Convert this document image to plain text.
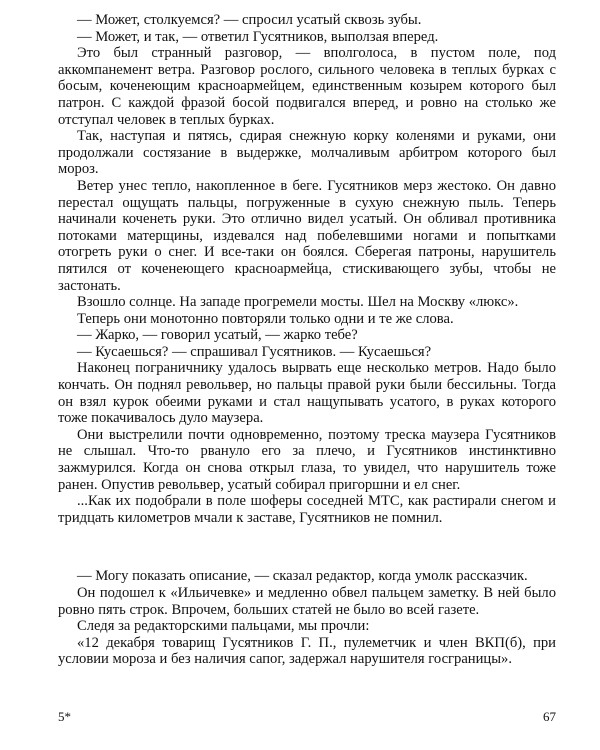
— Может, столкуемся? — спросил усатый сквозь зубы.

— Может, и так, — ответил Гусятников, выползая вперед.

Это был странный разговор, — вполголоса, в пустом поле, под аккомпанемент ветра. Разговор рослого, сильного человека в теплых бурках с босым, коченеющим красноармейцем, единственным козырем которого был патрон. С каждой фразой босой подвигался вперед, и ровно на столько же отступал человек в теплых бурках.

Так, наступая и пятясь, сдирая снежную корку коленями и руками, они продолжали состязание в выдержке, молчаливым арбитром которого был мороз.

Ветер унес тепло, накопленное в беге. Гусятников мерз жестоко. Он давно перестал ощущать пальцы, погруженные в сухую снежную пыль. Теперь начинали коченеть руки. Это отлично видел усатый. Он обливал противника потоками матерщины, издевался над побелевшими ногами и попытками отогреть руки о снег. И все-таки он боялся. Сберегая патроны, нарушитель пятился от коченеющего красноармейца, стискивающего зубы, чтобы не застонать.

Взошло солнце. На западе прогремели мосты. Шел на Москву «люкс».

Теперь они монотонно повторяли только одни и те же слова.

— Жарко, — говорил усатый, — жарко тебе?

— Кусаешься? — спрашивал Гусятников. — Кусаешься?

Наконец пограничнику удалось вырвать еще несколько метров. Надо было кончать. Он поднял револьвер, но пальцы правой руки были бессильны. Тогда он взял курок обеими руками и стал нащупывать усатого, в руках которого тоже покачивалось дуло маузера.

Они выстрелили почти одновременно, поэтому треска маузера Гусятников не слышал. Что-то рвануло его за плечо, и Гусятников инстинктивно зажмурился. Когда он снова открыл глаза, то увидел, что нарушитель тоже ранен. Опустив револьвер, усатый собирал пригоршни и ел снег.

...Как их подобрали в поле шоферы соседней МТС, как растирали снегом и тридцать километров мчали к заставе, Гусятников не помнил.

— Могу показать описание, — сказал редактор, когда умолк рассказчик.

Он подошел к «Ильичевке» и медленно обвел пальцем заметку. В ней было ровно пять строк. Впрочем, больших статей не было во всей газете.

Следя за редакторскими пальцами, мы прочли:

«12 декабря товарищ Гусятников Г. П., пулеметчик и член ВКП(б), при условии мороза и без наличия сапог, задержал нарушителя госграницы».

5*	67
